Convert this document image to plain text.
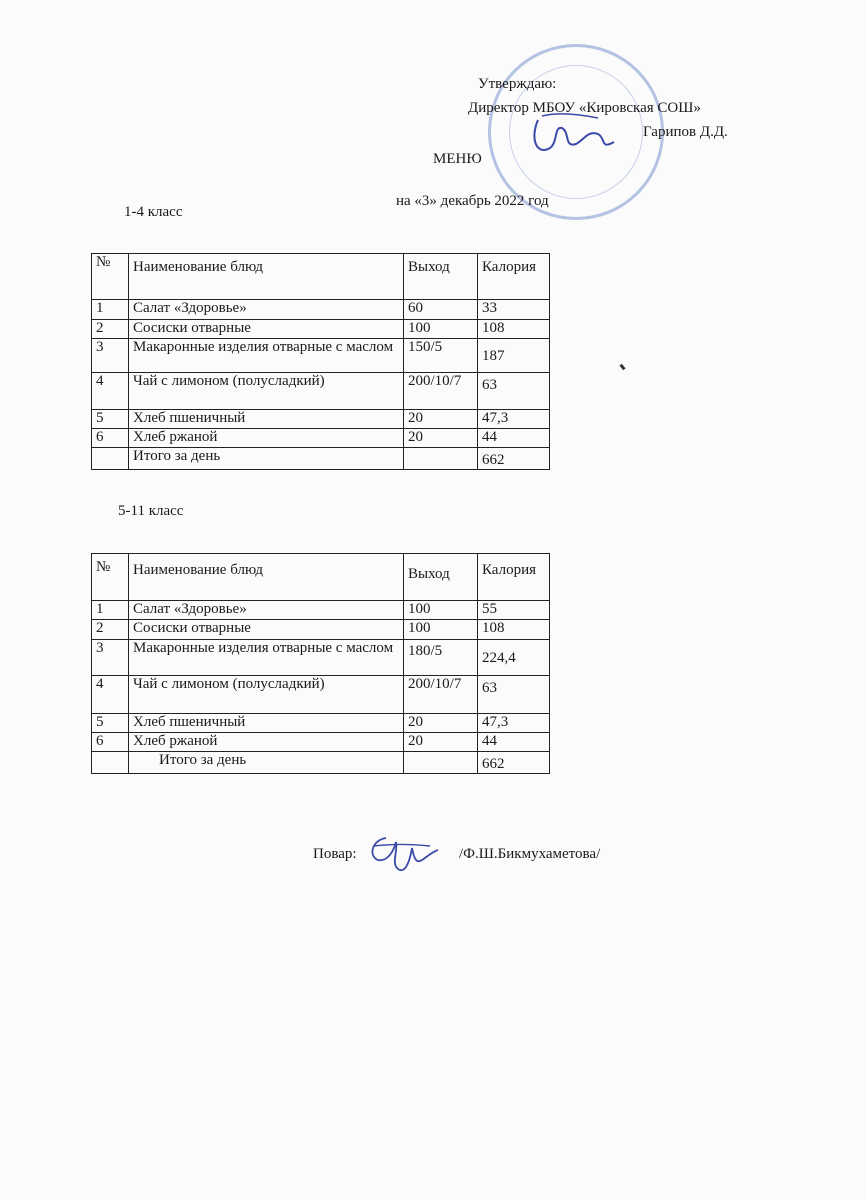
Утверждаю:
Директор МБОУ «Кировская СОШ»
Гарипов Д.Д.
МЕНЮ
на «3» декабрь 2022 год
1-4 класс
№	Наименование блюд	Выход	Калория
1	Салат «Здоровье»	60	33
2	Сосиски отварные	100	108
3	Макаронные изделия отварные с маслом	150/5	187
4	Чай с лимоном (полусладкий)	200/10/7	63
5	Хлеб пшеничный	20	47,3
6	Хлеб ржаной	20	44
	Итого за день		662
5-11 класс
№	Наименование блюд	Выход	Калория
1	Салат «Здоровье»	100	55
2	Сосиски отварные	100	108
3	Макаронные изделия отварные с маслом	180/5	224,4
4	Чай с лимоном (полусладкий)	200/10/7	63
5	Хлеб пшеничный	20	47,3
6	Хлеб ржаной	20	44
	Итого за день		662
Повар:	/Ф.Ш.Бикмухаметова/
